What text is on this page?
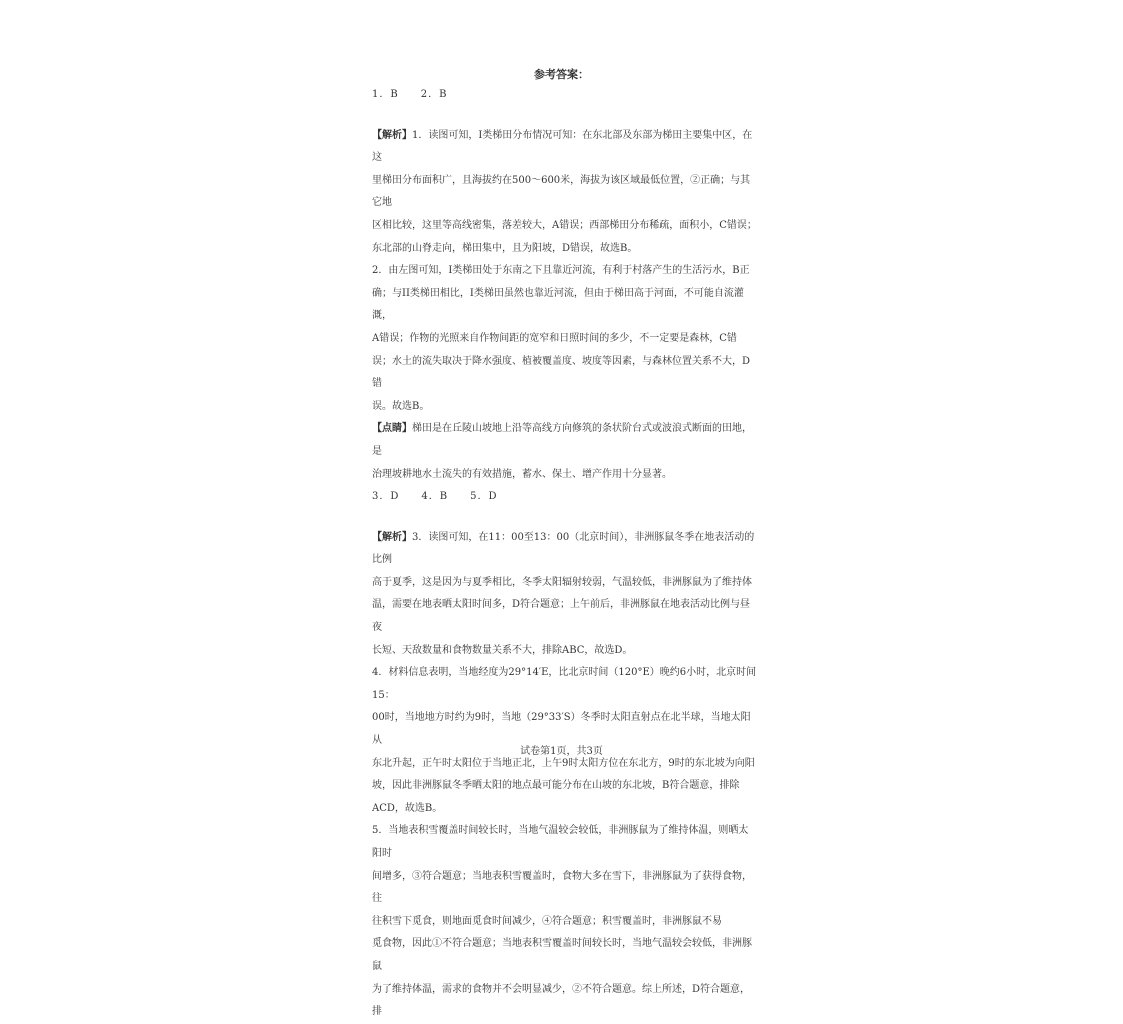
参考答案：

1．B　　2．B

【解析】1．读图可知，I类梯田分布情况可知：在东北部及东部为梯田主要集中区，在这

里梯田分布面积广，且海拔约在500～600米，海拔为该区域最低位置，②正确；与其它地

区相比较，这里等高线密集，落差较大，A错误；西部梯田分布稀疏，面积小，C错误；

东北部的山脊走向，梯田集中，且为阳坡，D错误，故选B。

2．由左图可知，I类梯田处于东南之下且靠近河流，有利于村落产生的生活污水，B正

确；与II类梯田相比，I类梯田虽然也靠近河流，但由于梯田高于河面，不可能自流灌溉，

A错误；作物的光照来自作物间距的宽窄和日照时间的多少，不一定要是森林，C错

误；水土的流失取决于降水强度、植被覆盖度、坡度等因素，与森林位置关系不大，D错

误。故选B。

【点睛】梯田是在丘陵山坡地上沿等高线方向修筑的条状阶台式或波浪式断面的田地，是

治理坡耕地水土流失的有效措施，蓄水、保土、增产作用十分显著。

3．D　　4．B　　5．D

【解析】3．读图可知，在11：00至13：00（北京时间），非洲豚鼠冬季在地表活动的比例

高于夏季，这是因为与夏季相比，冬季太阳辐射较弱，气温较低，非洲豚鼠为了维持体

温，需要在地表晒太阳时间多，D符合题意；上午前后，非洲豚鼠在地表活动比例与昼夜

长短、天敌数量和食物数量关系不大，排除ABC，故选D。

4．材料信息表明，当地经度为29°14′E，比北京时间（120°E）晚约6小时，北京时间15：

00时，当地地方时约为9时，当地（29°33′S）冬季时太阳直射点在北半球，当地太阳从

东北升起，正午时太阳位于当地正北，上午9时太阳方位在东北方，9时的东北坡为向阳

坡，因此非洲豚鼠冬季晒太阳的地点最可能分布在山坡的东北坡，B符合题意，排除

ACD，故选B。

5．当地表积雪覆盖时间较长时，当地气温较会较低，非洲豚鼠为了维持体温，则晒太阳时

间增多，③符合题意；当地表积雪覆盖时，食物大多在雪下，非洲豚鼠为了获得食物，往

往积雪下觅食，则地面觅食时间减少，④符合题意；积雪覆盖时，非洲豚鼠不易

觅食物，因此①不符合题意；当地表积雪覆盖时间较长时，当地气温较会较低，非洲豚鼠

为了维持体温，需求的食物并不会明显减少，②不符合题意。综上所述，D符合题意，排

试卷第1页，共3页
